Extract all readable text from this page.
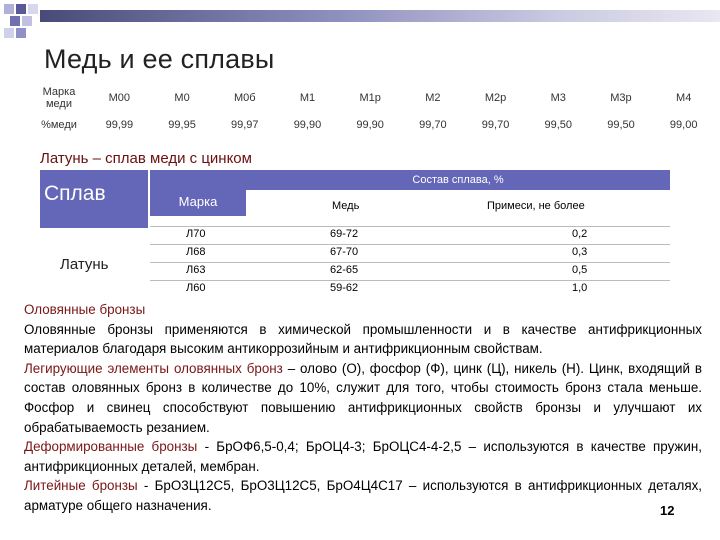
Медь и ее сплавы
Марка меди	М00	М0	М0б	М1	М1р	М2	М2р	М3	М3р	М4
%меди	99,99	99,95	99,97	99,90	99,90	99,70	99,70	99,50	99,50	99,00
Латунь – сплав меди с цинком
Сплав	Марка
Состав сплава, %
Медь	Примеси, не более
Латунь
Л70	69-72	0,2
Л68	67-70	0,3
Л63	62-65	0,5
Л60	59-62	1,0

Оловянные бронзы

Оловянные бронзы применяются в химической промышленности и в качестве антифрикционных материалов благодаря высоким антикоррозийным и антифрикционным свойствам.

Легирующие элементы оловянных бронз – олово (О), фосфор (Ф), цинк (Ц), никель (Н). Цинк, входящий в состав оловянных бронз в количестве до 10%, служит для того, чтобы стоимость бронз стала меньше. Фосфор и свинец способствуют повышению антифрикционных свойств бронзы и улучшают их обрабатываемость резанием.

Деформированные бронзы - БрОФ6,5-0,4; БрОЦ4-3; БрОЦС4-4-2,5 – используются в качестве пружин, антифрикционных деталей, мембран.

Литейные бронзы - БрО3Ц12С5, БрО3Ц12С5, БрО4Ц4С17 – используются в антифрикционных деталях, арматуре общего назначения.	12
